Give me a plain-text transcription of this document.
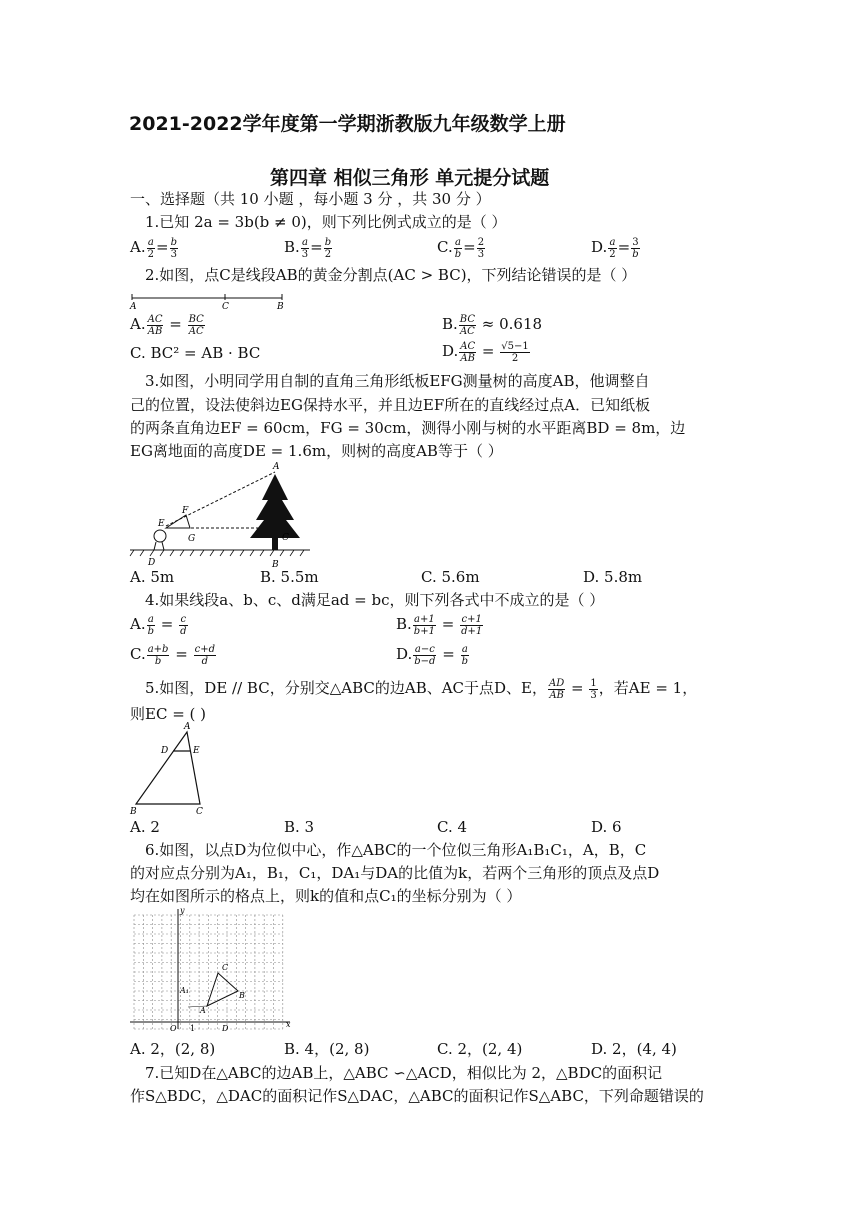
2021-2022学年度第一学期浙教版九年级数学上册
第四章 相似三角形 单元提分试题
一、选择题（共 10 小题 ，每小题 3 分 ，共 30 分 ）
1.已知 2a = 3b(b ≠ 0)，则下列比例式成立的是（ ）
A. $\frac{a}{2} = \frac{b}{3}$	B. $\frac{a}{3} = \frac{b}{2}$	C. $\frac{a}{b} = \frac{2}{3}$	D. $\frac{a}{2} = \frac{3}{b}$
2.如图，点C是线段AB的黄金分割点(AC > BC)，下列结论错误的是（ ）
A	C	B
A. $\frac{AC}{AB} = \frac{BC}{AC}$	B. $\frac{BC}{AC} \approx 0.618$
C. BC² = AB · BC	D. $\frac{AC}{AB} = \frac{√5-1}{2}$
3.如图，小明同学用自制的直角三角形纸板EFG测量树的高度AB，他调整自
己的位置，设法使斜边EG保持水平，并且边EF所在的直线经过点A．已知纸板
的两条直角边EF = 60cm，FG = 30cm，测得小刚与树的水平距离BD = 8m，边
EG离地面的高度DE = 1.6m，则树的高度AB等于（ ）
A
F
E
G	C
D	B
A. 5m	B. 5.5m	C. 5.6m	D. 5.8m
4.如果线段a、b、c、d满足ad = bc，则下列各式中不成立的是（ ）
A. $\frac{a}{b} = \frac{c}{d}$	B. $\frac{a+1}{b+1} = \frac{c+1}{d+1}$
C. $\frac{a+b}{b} = \frac{c+d}{d}$	D. $\frac{a-c}{b-d} = \frac{a}{b}$
5.如图，DE // BC，分别交△ABC的边AB、AC于点D、E， $\frac{AD}{AB} = \frac{1}{3}$ ，若AE = 1，
则EC = ( )
A
D	E
B	C
A. 2	B. 3	C. 4	D. 6
6.如图，以点D为位似中心，作△ABC的一个位似三角形A₁B₁C₁，A，B，C
的对应点分别为A₁，B₁，C₁，DA₁与DA的比值为k，若两个三角形的顶点及点D
均在如图所示的格点上，则k的值和点C₁的坐标分别为（ ）
y
x
O 1	D
A
B
C
A₁
A. 2，(2, 8)	B. 4，(2, 8)	C. 2，(2, 4)	D. 2，(4, 4)
7.已知D在△ABC的边AB上，△ABC ∽△ACD，相似比为 2，△BDC的面积记
作S△BDC，△DAC的面积记作S△DAC，△ABC的面积记作S△ABC，下列命题错误的
